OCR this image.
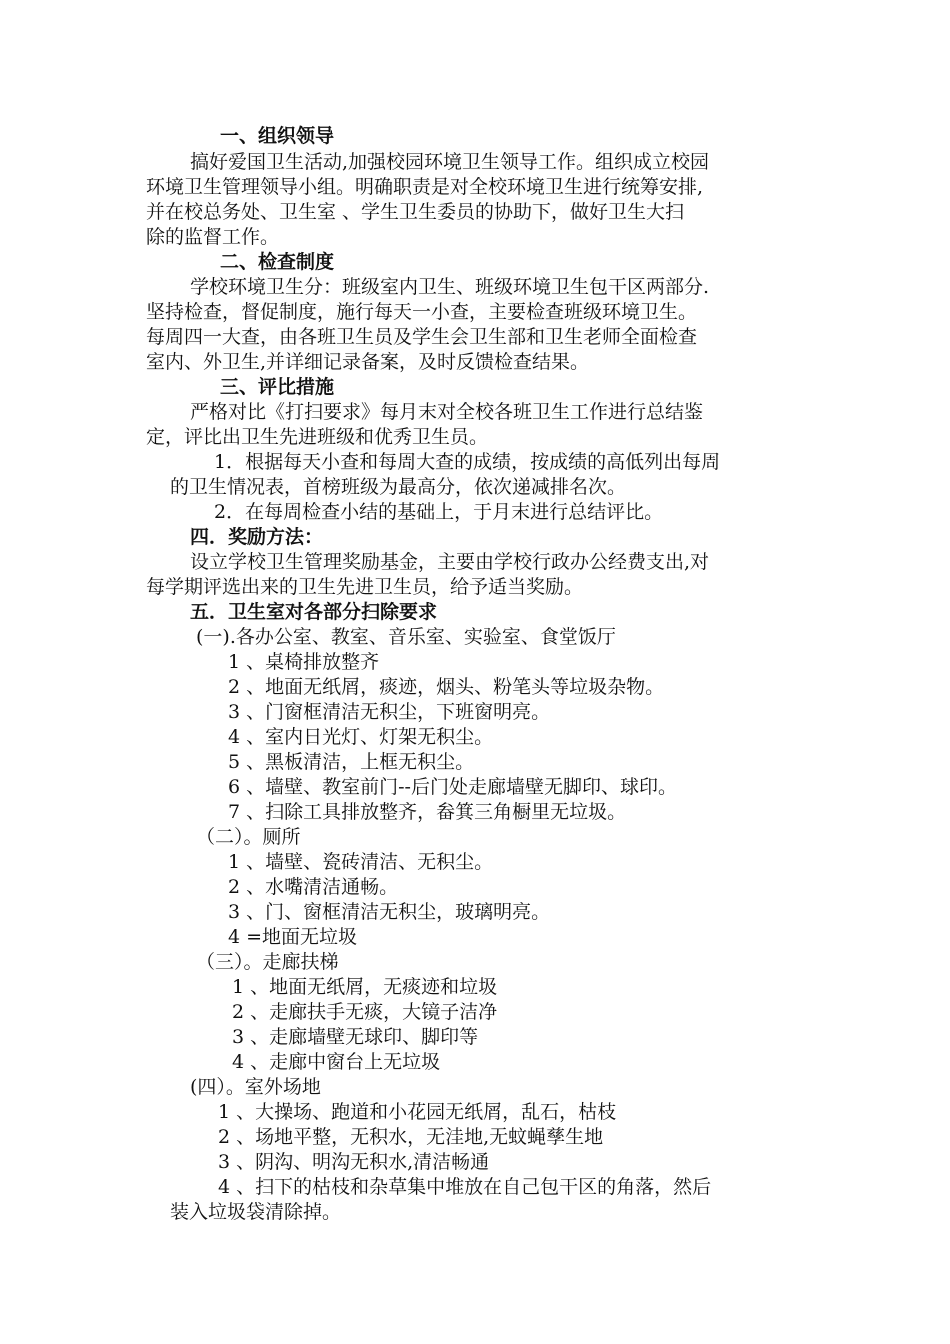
一、组织领导
搞好爱国卫生活动,加强校园环境卫生领导工作。组织成立校园
环境卫生管理领导小组。明确职责是对全校环境卫生进行统筹安排,
并在校总务处、卫生室 、学生卫生委员的协助下，做好卫生大扫
除的监督工作。
二、检查制度
学校环境卫生分：班级室内卫生、班级环境卫生包干区两部分.
坚持检查，督促制度，施行每天一小查，主要检查班级环境卫生。
每周四一大查，由各班卫生员及学生会卫生部和卫生老师全面检查
室内、外卫生,并详细记录备案，及时反馈检查结果。
三、评比措施
严格对比《打扫要求》每月末对全校各班卫生工作进行总结鉴
定，评比出卫生先进班级和优秀卫生员。
1．根据每天小查和每周大查的成绩，按成绩的高低列出每周
的卫生情况表，首榜班级为最高分，依次递减排名次。
2．在每周检查小结的基础上，于月末进行总结评比。
四．奖励方法：
设立学校卫生管理奖励基金，主要由学校行政办公经费支出,对
每学期评选出来的卫生先进卫生员，给予适当奖励。
五．卫生室对各部分扫除要求
(一).各办公室、教室、音乐室、实验室、食堂饭厅
1 、桌椅排放整齐
2 、地面无纸屑，痰迹，烟头、粉笔头等垃圾杂物。
3 、门窗框清洁无积尘，下班窗明亮。
4 、室内日光灯、灯架无积尘。
5 、黑板清洁，上框无积尘。
6 、墙壁、教室前门--后门处走廊墙壁无脚印、球印。
7 、扫除工具排放整齐，畚箕三角橱里无垃圾。
（二）。厕所
1 、墙壁、瓷砖清洁、无积尘。
2 、水嘴清洁通畅。
3 、门、窗框清洁无积尘，玻璃明亮。
4 =地面无垃圾
（三）。走廊扶梯
1 、地面无纸屑，无痰迹和垃圾
2 、走廊扶手无痰，大镜子洁净
3 、走廊墙壁无球印、脚印等
4 、走廊中窗台上无垃圾
(四）。室外场地
1 、大操场、跑道和小花园无纸屑，乱石，枯枝
2 、场地平整，无积水，无洼地,无蚊蝇孳生地
3 、阴沟、明沟无积水,清洁畅通
4 、扫下的枯枝和杂草集中堆放在自己包干区的角落，然后
装入垃圾袋清除掉。
